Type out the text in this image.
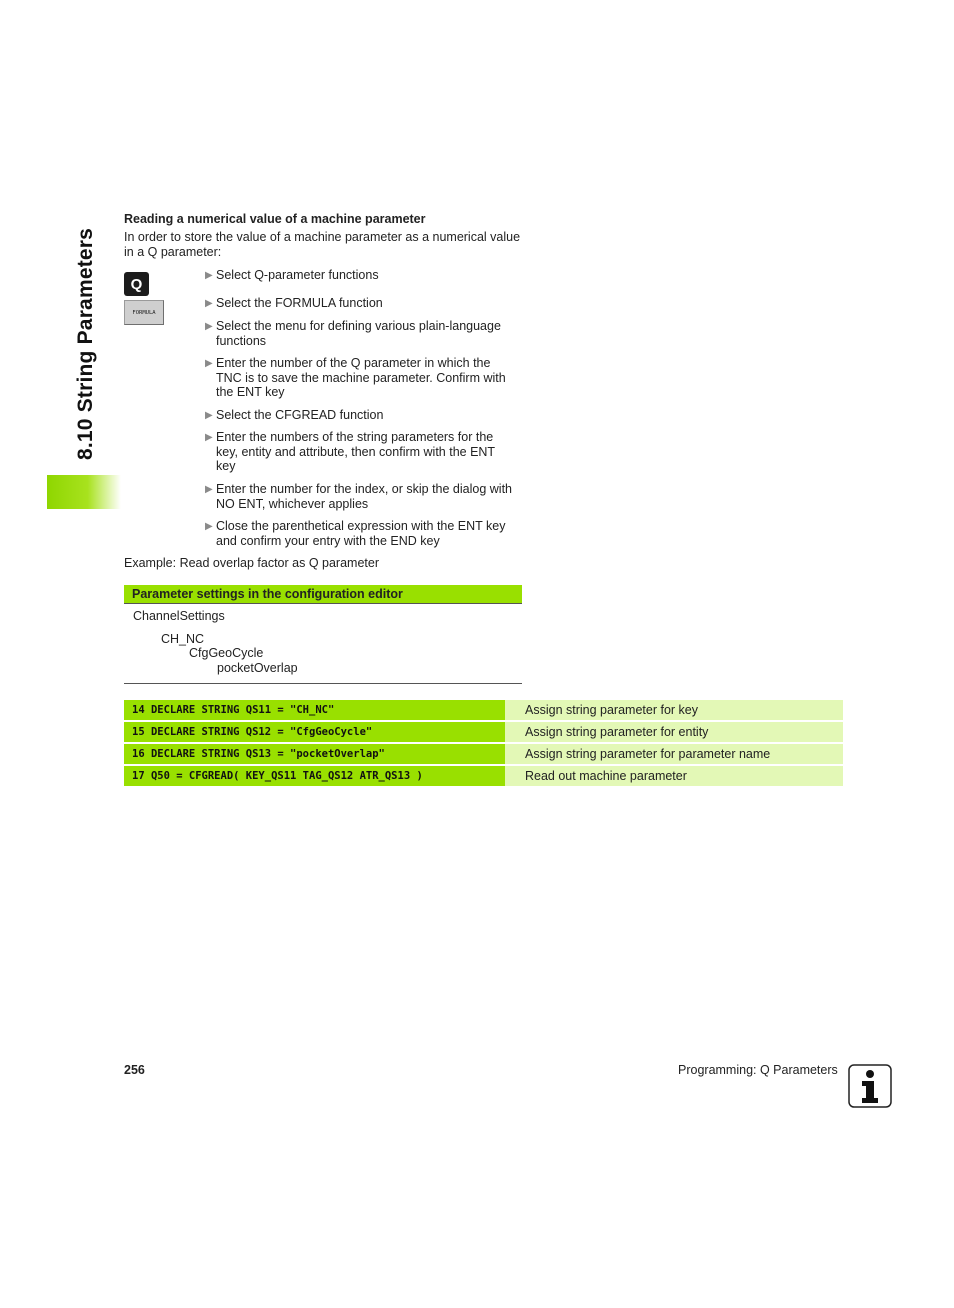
8.10 String Parameters
Reading a numerical value of a machine parameter
In order to store the value of a machine parameter as a numerical value in a Q parameter:
Q
FORMULA
▶ Select Q-parameter functions
▶ Select the FORMULA function
▶ Select the menu for defining various plain-language
functions
▶ Enter the number of the Q parameter in which the
TNC is to save the machine parameter. Confirm with
the ENT key
▶ Select the CFGREAD function
▶ Enter the numbers of the string parameters for the
key, entity and attribute, then confirm with the ENT
key
▶ Enter the number for the index, or skip the dialog with
NO ENT, whichever applies
▶ Close the parenthetical expression with the ENT key
and confirm your entry with the END key
Example: Read overlap factor as Q parameter
Parameter settings in the configuration editor
ChannelSettings
CH_NC
CfgGeoCycle
pocketOverlap
14 DECLARE STRING QS11 = "CH_NC"	Assign string parameter for key
15 DECLARE STRING QS12 = "CfgGeoCycle"	Assign string parameter for entity
16 DECLARE STRING QS13 = "pocketOverlap"	Assign string parameter for parameter name
17 Q50 = CFGREAD( KEY_QS11 TAG_QS12 ATR_QS13 )	Read out machine parameter
256	Programming: Q Parameters
